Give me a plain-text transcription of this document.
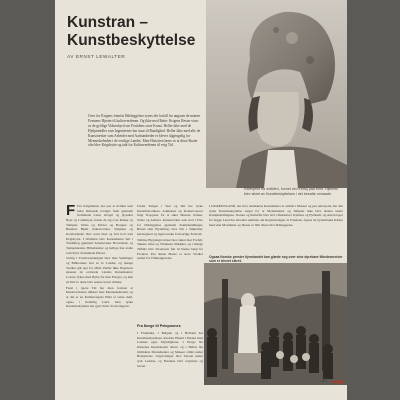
Kunstran – Kunstbeskyttelse
AV ERNST LEWALTER
Ridehjelm fra oldtiden, funnet ved Kertsj paa Krim. Hjelmen blev sikret av Kunstbeskyttelsen i det besatte omraade.

Over for Krigens fremfat Ødeleggelser synes det forfall fra ungsom de mærne Formens Hjerter til kulturverdenen. Og ikke med Rette: Krigens Rester viser os de gyldige Vidnesbyrd om Fortidens store Kunst. Heller ikke med de Hjelpemidler som Ingenierene har staat til Raadighed. Heller ikke med alle de Kunstværker som Arbeidet med Aarhundreder er blevet tilgjengelig for Menneskeheden i de vestlige Landes. Men Historien lærer os at disse Skatte ofte blev Krigsbytte og tabt for Kulturverdenen til evig Tid.

F Før Krigsmenn, der paa et hvilket som helst Omraade trængte frem gjennem fremmede Land, hærget og plyndret Byer og Landsbyer, kastet de sig over Kirker og Templer, Slotte og Palæer og Borgere og Bønders Hjem. Kunstværker, Smykker og Kostbarheder blev revet med og ført bort som Krigsbytte. I Oldtiden blev Kunstskatter ført i Triumftog gjennem Seierherrens Hovedstad, og Tempelskatter, Billedstøtter og hellige Kar endte som Pynt i fremmede Palæer.

Særlig i Trediveaarskrigen blev hele Samlinger og Biblioteker ført ut av Landet, og mange Verdier gik tapt for alltid. Heller ikke Napoleon skaanet de erobrede Landes Kunstskatter; Louvre fyltes med Bytte fra hele Europa, og kun en Del av dette blev senere levert tilbake.

Først i nyere Tid har man forstaat at Kunstværkerne tilhører hele Menneskeheden, og at det er en Kulturnasjons Plikt at verne dem, ogsaa i fiendtlig Land. Den tyske Kunstbeskyttelse har gjort dette til sin Opgave.

Under Krigen i Vest og Øst har tyske Kunsthistorikere, Arkitekter og Konservatorer fulgt Troppene for at sikre Museer, Kirker, Slotte og Arkiver. Kunstværker som stod i Fare for Ødeleggelse gjennem Kamphandlinger, Brand eller Plyndring, blev ført i Sikkerhet, katalogisert og lagret under forsvarlige Forhold.

Tallrike Bygningsværker blev sikret mot Forfall, Takene tettet og Vinduene tildekket, og i mange Tilfelle blev Inventaret ført til Steder langt fra Fronten. Paa denne Maate er store Verdier reddet fra Tilintetgjørelse.

Fra Norge til Peloponnes

I Frankrike, i Belgien og i Holland har Kunstbeskyttelsen arbeidet Haand i Haand med Landets egne Myndigheter. I Norge ble Kirkenes Kunstskatter sikret, og i Hellas ble Oldtidens Monumenter og Museer stillet under Beskyttelse. Utgravninger blev fortsatt under tysk Ledelse, og Fundene blev registrert og bevart.

I GRÆKENLAND, der hvor Antikkens Kunstskatter er samlet i Museer og paa Akropolis, har den tyske Kunstbeskyttelse sørget for at Monumenter og Templer ikke blev skadet under Kamphandlingene. Statuer og Relieffer blev ført i Sikkerhet i Kjellere og Fjellrum, og Arkæologer fra begge Land har arbeidet sammen om Registreringen av Fundene. Ogsaa de bysantinske Kirker med sine Mosaikker og Ikoner er blitt sikret mot Ødeleggelse.

Ogsaa Norske prester hjemlandet kan glæde seg over sine dyrebare Mindesmerker som er blevet sikret.
27
